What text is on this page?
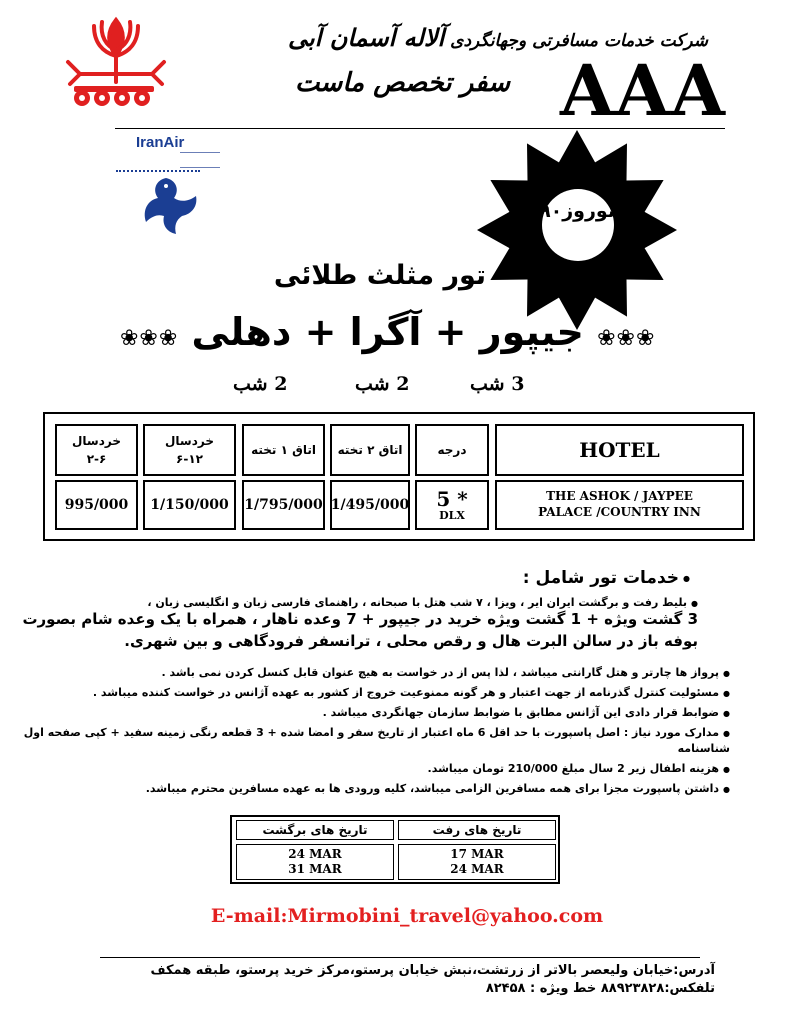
شرکت خدمات مسافرتی وجهانگردی آلاله آسمان آبی
سفر تخصص ماست AAA
IranAir
نوروز۹۰
تور مثلث طلائی
❀❀❀ جیپور + آگرا + دهلی ❀❀❀
3 شب
2 شب
2 شب
HOTEL
درجه
اتاق ۲ تخته
اتاق ۱ تخته
خردسال
۶-۱۲
خردسال
۲-۶
THE ASHOK / JAYPEE
PALACE /COUNTRY INN
5 *
DLX
1/495/000
1/795/000
1/150/000
995/000
● خدمات تور شامل :
● بلیط رفت و برگشت ایران ایر ، ویزا ، ۷ شب هتل با صبحانه ، راهنمای فارسی زبان و انگلیسی زبان ،
3 گشت ویژه + 1 گشت ویژه خرید در جیپور + 7 وعده ناهار ، همراه با یک وعده شام بصورت
بوفه باز در سالن البرت هال و رقص محلی ، ترانسفر فرودگاهی و بین شهری.
● پرواز ها چارتر و هتل گارانتی میباشد ، لذا پس از در خواست به هیچ عنوان قابل کنسل کردن نمی باشد .
● مسئولیت کنترل گذرنامه از جهت اعتبار و هر گونه ممنوعیت خروج از کشور به عهده آژانس در خواست کننده میباشد .
● ضوابط قرار دادی این آژانس مطابق با ضوابط سازمان جهانگردی میباشد .
● مدارک مورد نیاز : اصل پاسپورت با حد اقل 6 ماه اعتبار از تاریخ سفر و امضا شده + 3 قطعه رنگی زمینه سفید + کپی صفحه اول
شناسنامه
● هزینه اطفال زیر 2 سال مبلغ 210/000 تومان میباشد.
● داشتن پاسپورت مجزا برای همه مسافرین الزامی میباشد، کلیه ورودی ها به عهده مسافرین محترم میباشد.
تاریخ های رفت
تاریخ های برگشت
17 MAR
24 MAR
24 MAR
31 MAR
E-mail:Mirmobini_travel@yahoo.com
آدرس:خیابان ولیعصر بالاتر از زرتشت،نبش خیابان پرستو،مرکز خرید پرستو، طبقه همکف
تلفکس:۸۸۹۲۳۸۲۸ خط ویژه : ۸۲۴۵۸
